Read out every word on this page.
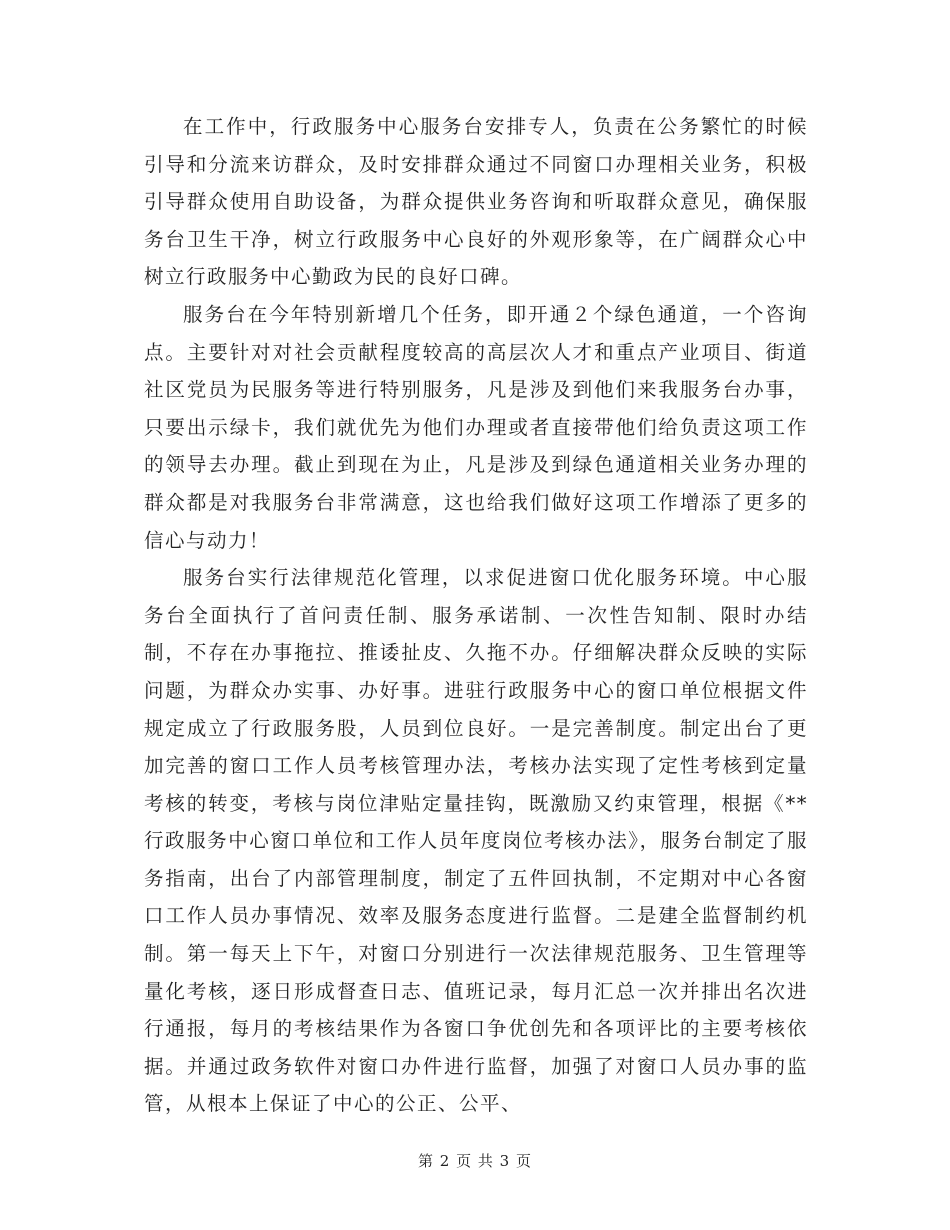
在工作中，行政服务中心服务台安排专人，负责在公务繁忙的时候引导和分流来访群众，及时安排群众通过不同窗口办理相关业务，积极引导群众使用自助设备，为群众提供业务咨询和听取群众意见，确保服务台卫生干净，树立行政服务中心良好的外观形象等，在广阔群众心中树立行政服务中心勤政为民的良好口碑。

服务台在今年特别新增几个任务，即开通２个绿色通道，一个咨询点。主要针对对社会贡献程度较高的高层次人才和重点产业项目、街道社区党员为民服务等进行特别服务，凡是涉及到他们来我服务台办事，只要出示绿卡，我们就优先为他们办理或者直接带他们给负责这项工作的领导去办理。截止到现在为止，凡是涉及到绿色通道相关业务办理的群众都是对我服务台非常满意，这也给我们做好这项工作增添了更多的信心与动力！

服务台实行法律规范化管理，以求促进窗口优化服务环境。中心服务台全面执行了首问责任制、服务承诺制、一次性告知制、限时办结制，不存在办事拖拉、推诿扯皮、久拖不办。仔细解决群众反映的实际问题，为群众办实事、办好事。进驻行政服务中心的窗口单位根据文件规定成立了行政服务股，人员到位良好。一是完善制度。制定出台了更加完善的窗口工作人员考核管理办法，考核办法实现了定性考核到定量考核的转变，考核与岗位津贴定量挂钩，既激励又约束管理，根据《**行政服务中心窗口单位和工作人员年度岗位考核办法》，服务台制定了服务指南，出台了内部管理制度，制定了五件回执制，不定期对中心各窗口工作人员办事情况、效率及服务态度进行监督。二是建全监督制约机制。第一每天上下午，对窗口分别进行一次法律规范服务、卫生管理等量化考核，逐日形成督查日志、值班记录，每月汇总一次并排出名次进行通报，每月的考核结果作为各窗口争优创先和各项评比的主要考核依据。并通过政务软件对窗口办件进行监督，加强了对窗口人员办事的监管，从根本上保证了中心的公正、公平、

第 2 页 共 3 页
